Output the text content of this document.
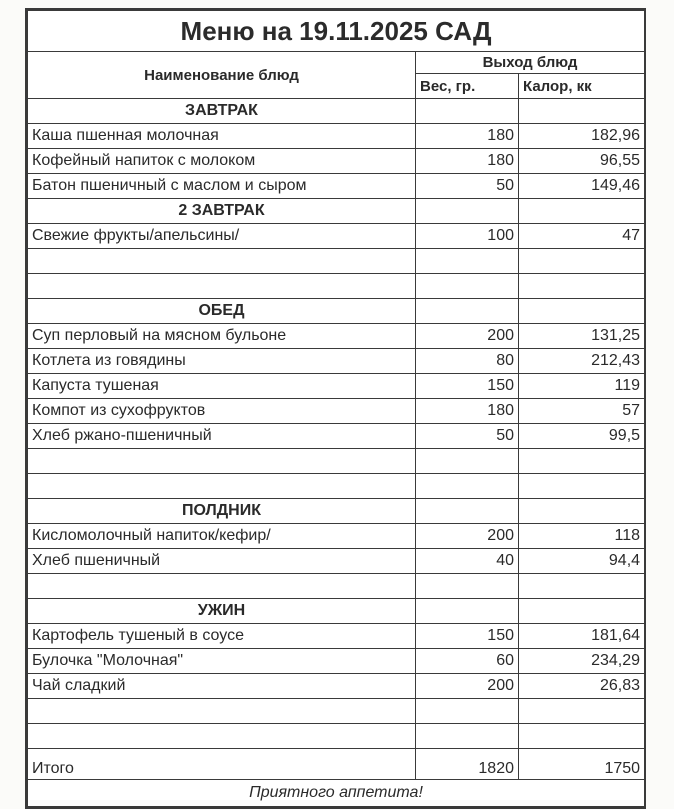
Меню на 19.11.2025 САД		
Наименование блюд	Выход блюд	
	Вес, гр.	Калор, кк
ЗАВТРАК		
Каша пшенная молочная	180	182,96
Кофейный напиток с молоком	180	96,55
Батон пшеничный с маслом и сыром	50	149,46
2 ЗАВТРАК		
Свежие фрукты/апельсины/	100	47

ОБЕД		
Суп перловый на мясном бульоне	200	131,25
Котлета из говядины	80	212,43
Капуста тушеная	150	119
Компот из сухофруктов	180	57
Хлеб ржано-пшеничный	50	99,5

ПОЛДНИК		
Кисломолочный напиток/кефир/	200	118
Хлеб пшеничный	40	94,4

УЖИН		
Картофель тушеный в соусе	150	181,64
Булочка "Молочная"	60	234,29
Чай сладкий	200	26,83

Итого	1820	1750
Приятного аппетита!		
